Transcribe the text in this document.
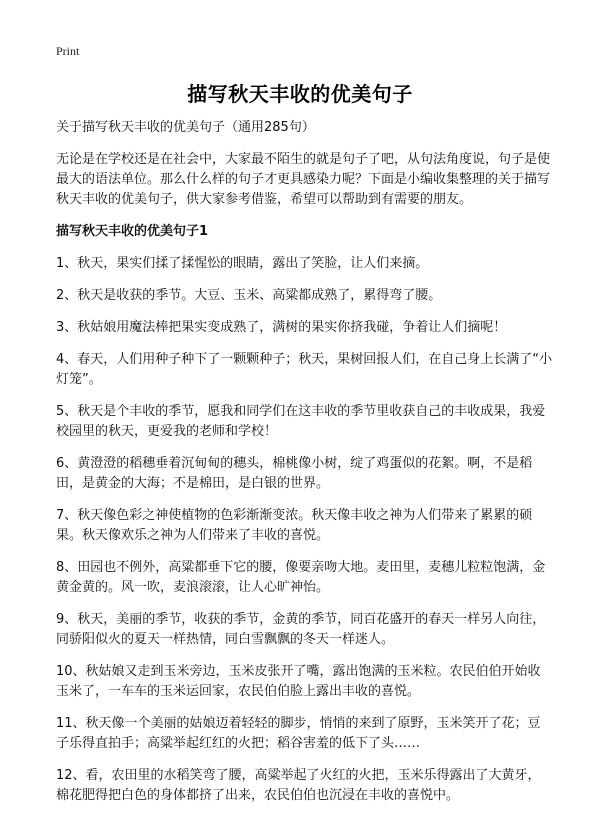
Print
描写秋天丰收的优美句子

关于描写秋天丰收的优美句子（通用285句）

无论是在学校还是在社会中，大家最不陌生的就是句子了吧，从句法角度说，句子是使最大的语法单位。那么什么样的句子才更具感染力呢？下面是小编收集整理的关于描写秋天丰收的优美句子，供大家参考借鉴，希望可以帮助到有需要的朋友。

描写秋天丰收的优美句子1

1、秋天，果实们揉了揉惺忪的眼睛，露出了笑脸，让人们来摘。

2、秋天是收获的季节。大豆、玉米、高粱都成熟了，累得弯了腰。

3、秋姑娘用魔法棒把果实变成熟了，满树的果实你挤我碰，争着让人们摘呢！

4、春天，人们用种子种下了一颗颗种子；秋天，果树回报人们，在自己身上长满了“小灯笼”。

5、秋天是个丰收的季节，愿我和同学们在这丰收的季节里收获自己的丰收成果，我爱校园里的秋天，更爱我的老师和学校！

6、黄澄澄的稻穗垂着沉甸甸的穗头，棉桃像小树，绽了鸡蛋似的花絮。啊，不是稻田，是黄金的大海；不是棉田，是白银的世界。

7、秋天像色彩之神使植物的色彩渐渐变浓。秋天像丰收之神为人们带来了累累的硕果。秋天像欢乐之神为人们带来了丰收的喜悦。

8、田园也不例外，高粱都垂下它的腰，像要亲吻大地。麦田里，麦穗儿粒粒饱满，金黄金黄的。风一吹，麦浪滚滚，让人心旷神怡。

9、秋天，美丽的季节，收获的季节，金黄的季节，同百花盛开的春天一样另人向往，同骄阳似火的夏天一样热情，同白雪飘飘的冬天一样迷人。

10、秋姑娘又走到玉米旁边，玉米皮张开了嘴，露出饱满的玉米粒。农民伯伯开始收玉米了，一车车的玉米运回家，农民伯伯脸上露出丰收的喜悦。

11、秋天像一个美丽的姑娘迈着轻轻的脚步，悄悄的来到了原野，玉米笑开了花；豆子乐得直拍手；高粱举起红红的火把；稻谷害羞的低下了头……

12、看，农田里的水稻笑弯了腰，高粱举起了火红的火把，玉米乐得露出了大黄牙，棉花肥得把白色的身体都挤了出来，农民伯伯也沉浸在丰收的喜悦中。
